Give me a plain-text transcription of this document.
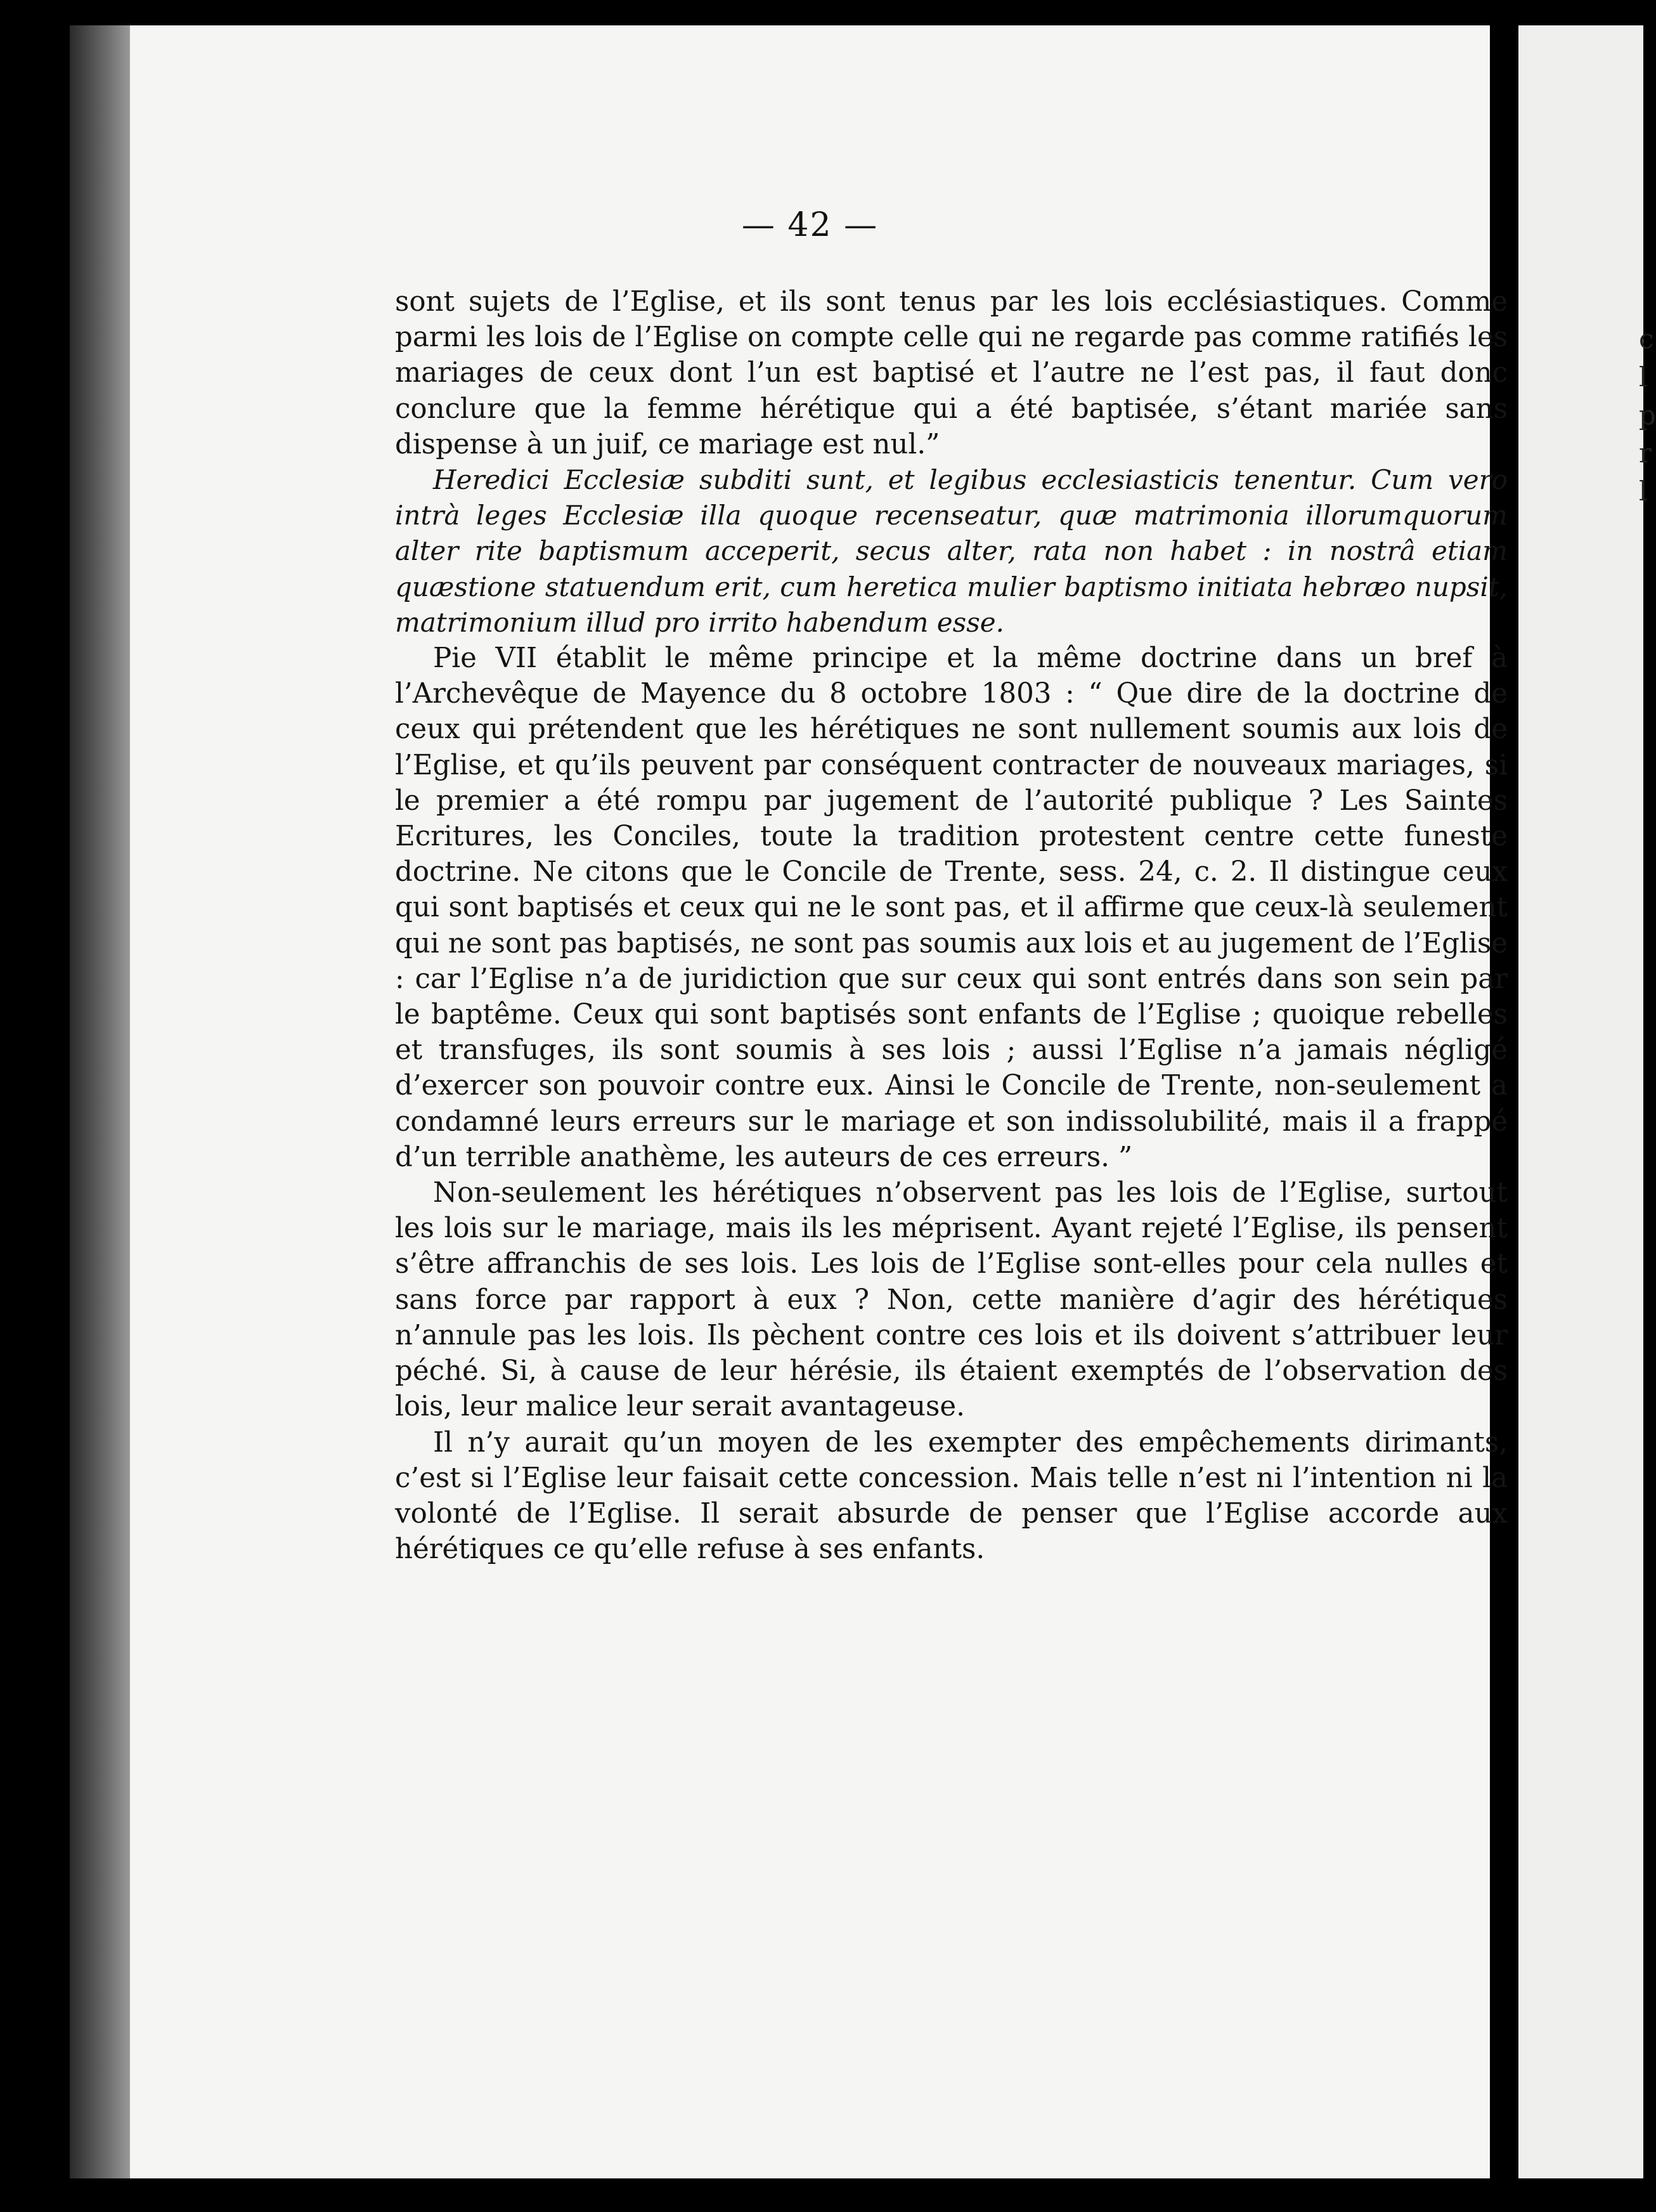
— 42 —

sont sujets de l’Eglise, et ils sont tenus par les lois ecclésiastiques. Comme parmi les lois de l’Eglise on compte celle qui ne regarde pas comme ratifiés les mariages de ceux dont l’un est baptisé et l’autre ne l’est pas, il faut donc conclure que la femme hérétique qui a été baptisée, s’étant mariée sans dispense à un juif, ce mariage est nul.”

Heredici Ecclesiæ subditi sunt, et legibus ecclesiasticis tenentur. Cum vero intrà leges Ecclesiæ illa quoque recenseatur, quæ matrimonia illorumquorum alter rite baptismum acceperit, secus alter, rata non habet : in nostrâ etiam quæstione statuendum erit, cum heretica mulier baptismo initiata hebræo nupsit, matrimonium illud pro irrito habendum esse.

Pie VII établit le même principe et la même doctrine dans un bref à l’Archevêque de Mayence du 8 octobre 1803 : “ Que dire de la doctrine de ceux qui prétendent que les hérétiques ne sont nullement soumis aux lois de l’Eglise, et qu’ils peuvent par conséquent contracter de nouveaux mariages, si le premier a été rompu par jugement de l’autorité publique ? Les Saintes Ecritures, les Conciles, toute la tradition protestent centre cette funeste doctrine. Ne citons que le Concile de Trente, sess. 24, c. 2. Il distingue ceux qui sont baptisés et ceux qui ne le sont pas, et il affirme que ceux-là seulement qui ne sont pas baptisés, ne sont pas soumis aux lois et au jugement de l’Eglise : car l’Eglise n’a de juridiction que sur ceux qui sont entrés dans son sein par le baptême. Ceux qui sont baptisés sont enfants de l’Eglise ; quoique rebelles et transfuges, ils sont soumis à ses lois ; aussi l’Eglise n’a jamais négligé d’exercer son pouvoir contre eux. Ainsi le Concile de Trente, non-seulement a condamné leurs erreurs sur le mariage et son indissolubilité, mais il a frappé d’un terrible anathème, les auteurs de ces erreurs. ”

Non-seulement les hérétiques n’observent pas les lois de l’Eglise, surtout les lois sur le mariage, mais ils les méprisent. Ayant rejeté l’Eglise, ils pensent s’être affranchis de ses lois. Les lois de l’Eglise sont-elles pour cela nulles et sans force par rapport à eux ? Non, cette manière d’agir des hérétiques n’annule pas les lois. Ils pèchent contre ces lois et ils doivent s’attribuer leur péché. Si, à cause de leur hérésie, ils étaient exemptés de l’observation des lois, leur malice leur serait avantageuse.

Il n’y aurait qu’un moyen de les exempter des empêchements dirimants, c’est si l’Eglise leur faisait cette concession. Mais telle n’est ni l’intention ni la volonté de l’Eglise. Il serait absurde de penser que l’Eglise accorde aux hérétiques ce qu’elle refuse à ses enfants.

c
l
p
r
l
